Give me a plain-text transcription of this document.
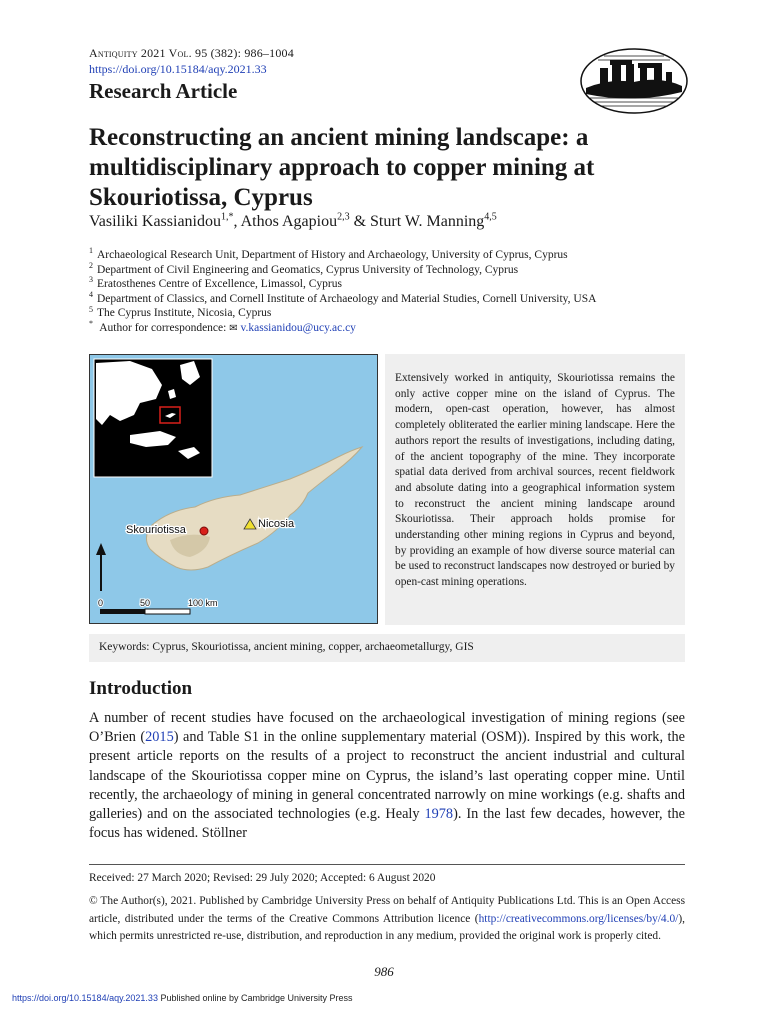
Antiquity 2021 Vol. 95 (382): 986–1004
https://doi.org/10.15184/aqy.2021.33
Research Article
Reconstructing an ancient mining landscape: a multidisciplinary approach to copper mining at Skouriotissa, Cyprus
Vasiliki Kassianidou$^{1,*}$, Athos Agapiou$^{2,3}$ & Sturt W. Manning$^{4,5}$
$^1$ Archaeological Research Unit, Department of History and Archaeology, University of Cyprus, Cyprus
$^2$ Department of Civil Engineering and Geomatics, Cyprus University of Technology, Cyprus
$^3$ Eratosthenes Centre of Excellence, Limassol, Cyprus
$^4$ Department of Classics, and Cornell Institute of Archaeology and Material Studies, Cornell University, USA
$^5$ The Cyprus Institute, Nicosia, Cyprus
* Author for correspondence: ✉ v.kassianidou@ucy.ac.cy
Skouriotissa	Nicosia
0	50	100 km
Extensively worked in antiquity, Skouriotissa remains the only active copper mine on the island of Cyprus. The modern, open-cast operation, however, has almost completely obliterated the earlier mining landscape. Here the authors report the results of investigations, including dating, of the ancient topography of the mine. They incorporate spatial data derived from archival sources, recent fieldwork and absolute dating into a geographical information system to reconstruct the ancient mining landscape around Skouriotissa. Their approach holds promise for understanding other mining regions in Cyprus and beyond, by providing an example of how diverse source material can be used to reconstruct landscapes now destroyed or buried by open-cast mining operations.
Keywords: Cyprus, Skouriotissa, ancient mining, copper, archaeometallurgy, GIS
Introduction
A number of recent studies have focused on the archaeological investigation of mining regions (see O’Brien (2015) and Table S1 in the online supplementary material (OSM)). Inspired by this work, the present article reports on the results of a project to reconstruct the ancient industrial and cultural landscape of the Skouriotissa copper mine on Cyprus, the island’s last operating copper mine. Until recently, the archaeology of mining in general concentrated narrowly on mine workings (e.g. shafts and galleries) and on the associated technologies (e.g. Healy 1978). In the last few decades, however, the focus has widened. Stöllner
Received: 27 March 2020; Revised: 29 July 2020; Accepted: 6 August 2020
© The Author(s), 2021. Published by Cambridge University Press on behalf of Antiquity Publications Ltd. This is an Open Access article, distributed under the terms of the Creative Commons Attribution licence (http://creativecommons.org/licenses/by/4.0/), which permits unrestricted re-use, distribution, and reproduction in any medium, provided the original work is properly cited.
986
https://doi.org/10.15184/aqy.2021.33 Published online by Cambridge University Press
